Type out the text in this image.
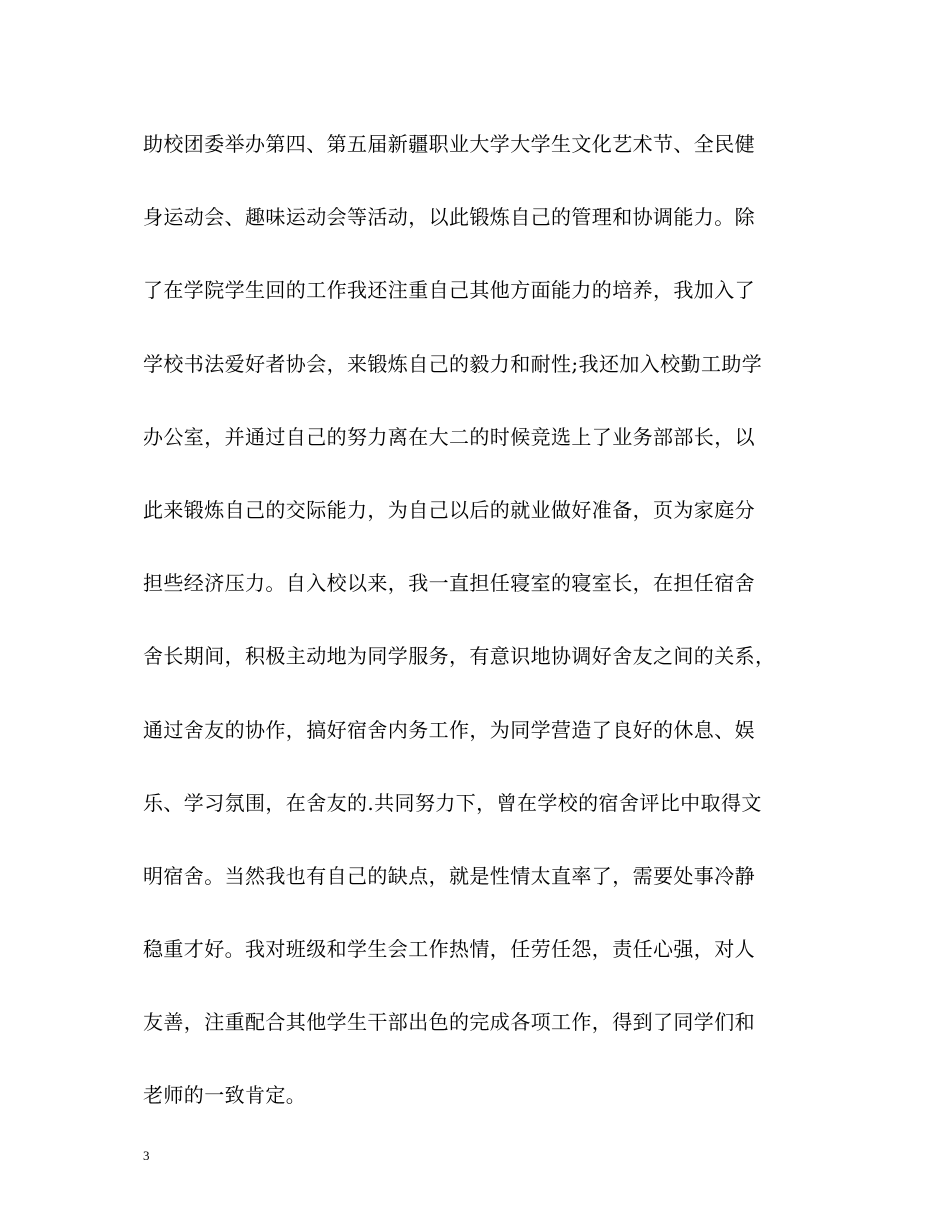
助校团委举办第四、第五届新疆职业大学大学生文化艺术节、全民健
身运动会、趣味运动会等活动，以此锻炼自己的管理和协调能力。除
了在学院学生回的工作我还注重自己其他方面能力的培养，我加入了
学校书法爱好者协会，来锻炼自己的毅力和耐性;我还加入校勤工助学
办公室，并通过自己的努力离在大二的时候竞选上了业务部部长，以
此来锻炼自己的交际能力，为自己以后的就业做好准备，页为家庭分
担些经济压力。自入校以来，我一直担任寝室的寝室长，在担任宿舍
舍长期间，积极主动地为同学服务，有意识地协调好舍友之间的关系，
通过舍友的协作，搞好宿舍内务工作，为同学营造了良好的休息、娱
乐、学习氛围，在舍友的.共同努力下，曾在学校的宿舍评比中取得文
明宿舍。当然我也有自己的缺点，就是性情太直率了，需要处事冷静
稳重才好。我对班级和学生会工作热情，任劳任怨，责任心强，对人
友善，注重配合其他学生干部出色的完成各项工作，得到了同学们和
老师的一致肯定。
3
